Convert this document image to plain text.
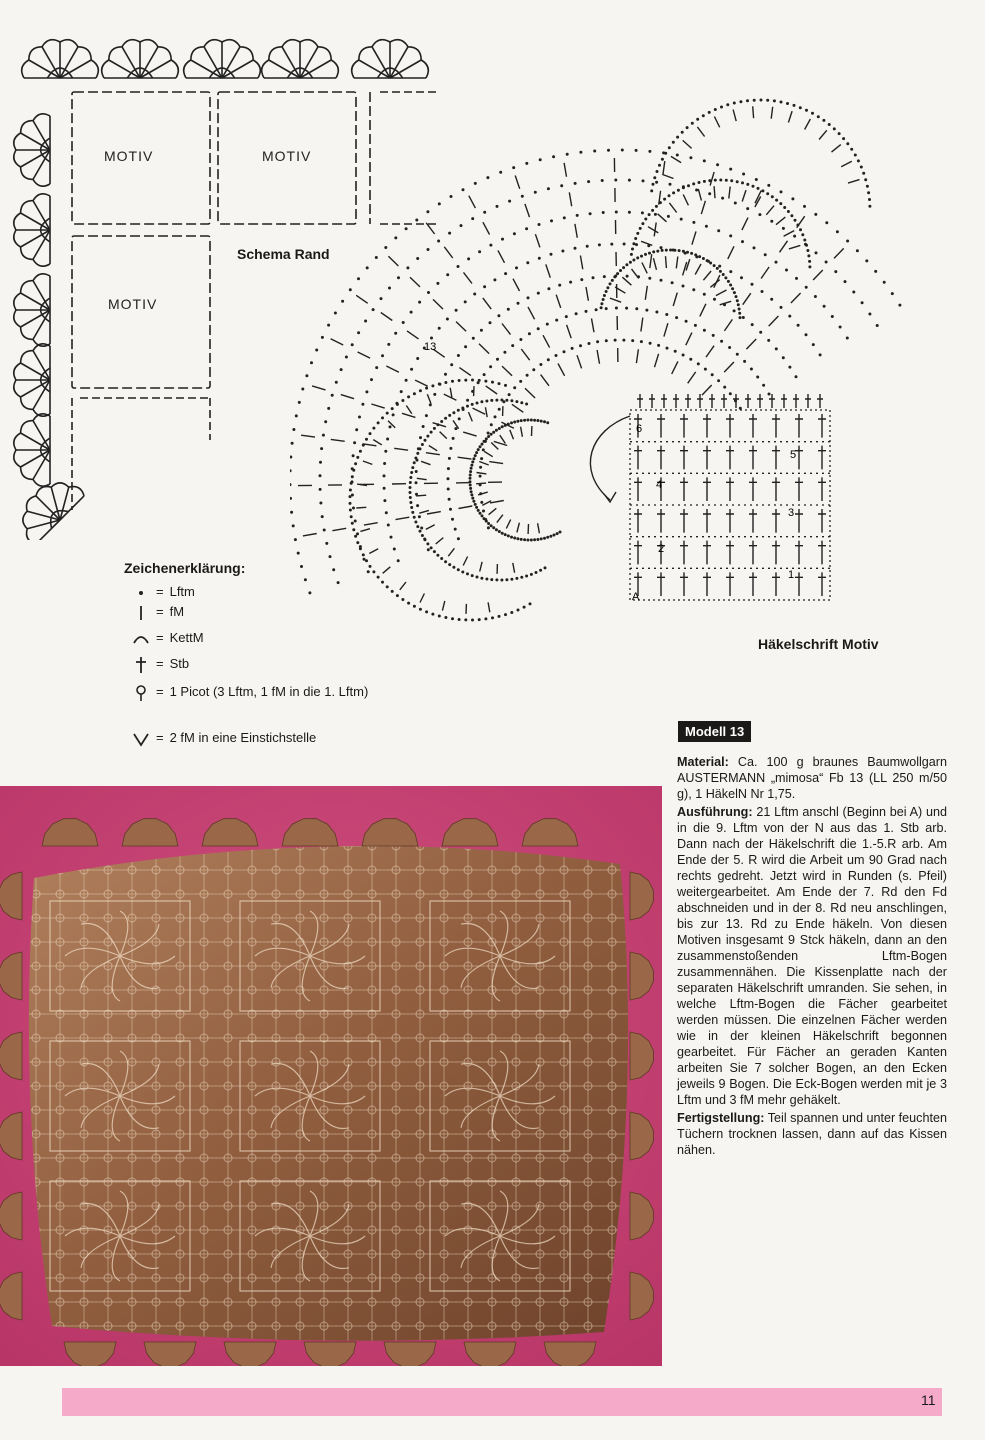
MOTIV	MOTIV
MOTIV
Schema Rand
5
4
3
2
1
6
A
13
Häkelschrift Motiv
Zeichenerklärung:
= Lftm
= fM
= KettM
= Stb
= 1 Picot (3 Lftm, 1 fM in die 1. Lftm)
= 2 fM in eine Einstichstelle	Modell 13

Material: Ca. 100 g braunes Baumwollgarn AUSTERMANN „mimosa“ Fb 13 (LL 250 m/50 g), 1 HäkelN Nr 1,75.

Ausführung: 21 Lftm anschl (Beginn bei A) und in die 9. Lftm von der N aus das 1. Stb arb. Dann nach der Häkelschrift die 1.-5.R arb. Am Ende der 5. R wird die Arbeit um 90 Grad nach rechts gedreht. Jetzt wird in Runden (s. Pfeil) weitergearbeitet. Am Ende der 7. Rd den Fd abschneiden und in der 8. Rd neu anschlingen, bis zur 13. Rd zu Ende häkeln. Von diesen Motiven insgesamt 9 Stck häkeln, dann an den zusammenstoßenden Lftm-Bogen zusammennähen. Die Kissenplatte nach der separaten Häkelschrift umranden. Sie sehen, in welche Lftm-Bogen die Fächer gearbeitet werden müssen. Die einzelnen Fächer werden wie in der kleinen Häkelschrift begonnen gearbeitet. Für Fächer an geraden Kanten arbeiten Sie 7 solcher Bogen, an den Ecken jeweils 9 Bogen. Die Eck-Bogen werden mit je 3 Lftm und 3 fM mehr gehäkelt.

Fertigstellung: Teil spannen und unter feuchten Tüchern trocknen lassen, dann auf das Kissen nähen.

11
